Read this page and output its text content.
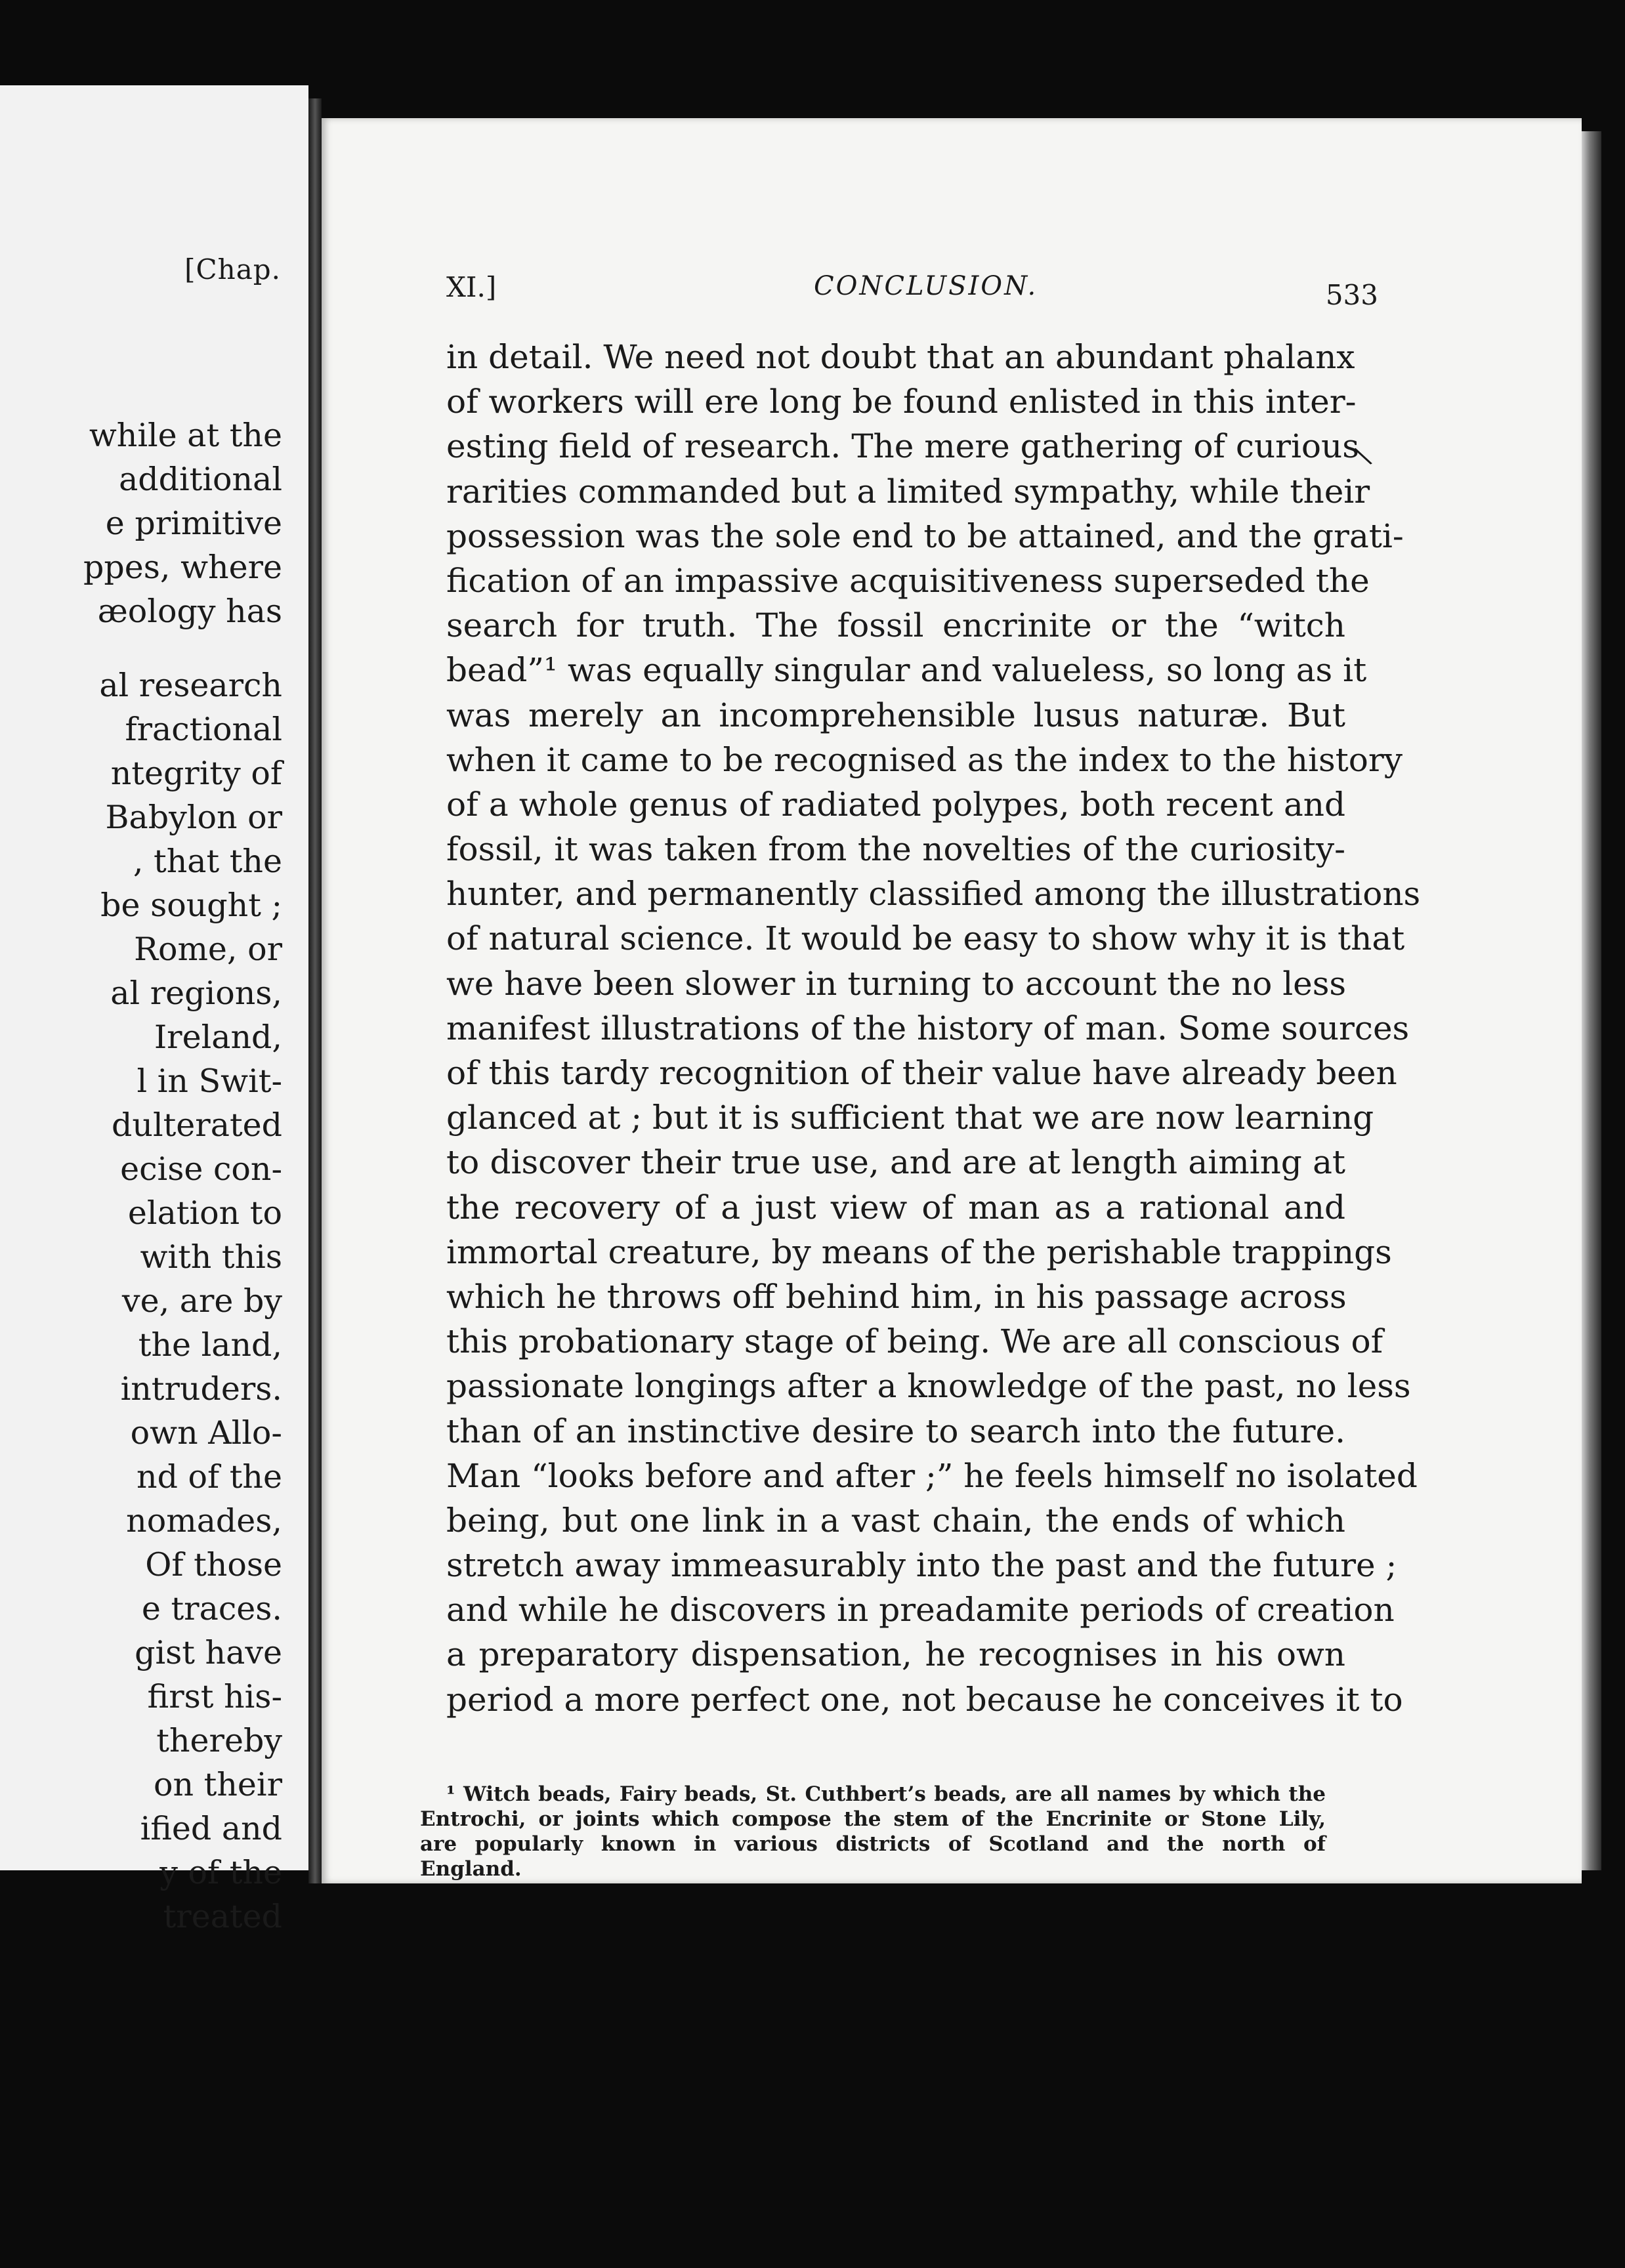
[Chap.
while at the
additional
e primitive
ppes, where
æology has
al research
fractional
ntegrity of
Babylon or
, that the
be sought ;
Rome, or
al regions,
Ireland,
l in Swit-
dulterated
ecise con-
elation to
with this
ve, are by
the land,
intruders.
own Allo-
nd of the
nomades,
Of those
e traces.
gist have
first his-
thereby
on their
ified and
y of the
treated
XI.]	CONCLUSION.	533
\
in detail. We need not doubt that an abundant phalanx
of workers will ere long be found enlisted in this inter-
esting field of research. The mere gathering of curious
rarities commanded but a limited sympathy, while their
possession was the sole end to be attained, and the grati-
fication of an impassive acquisitiveness superseded the
search for truth. The fossil encrinite or the “witch
bead”¹ was equally singular and valueless, so long as it
was merely an incomprehensible lusus naturæ. But
when it came to be recognised as the index to the history
of a whole genus of radiated polypes, both recent and
fossil, it was taken from the novelties of the curiosity-
hunter, and permanently classified among the illustrations
of natural science. It would be easy to show why it is that
we have been slower in turning to account the no less
manifest illustrations of the history of man. Some sources
of this tardy recognition of their value have already been
glanced at ; but it is sufficient that we are now learning
to discover their true use, and are at length aiming at
the recovery of a just view of man as a rational and
immortal creature, by means of the perishable trappings
which he throws off behind him, in his passage across
this probationary stage of being. We are all conscious of
passionate longings after a knowledge of the past, no less
than of an instinctive desire to search into the future.
Man “looks before and after ;” he feels himself no isolated
being, but one link in a vast chain, the ends of which
stretch away immeasurably into the past and the future ;
and while he discovers in preadamite periods of creation
a preparatory dispensation, he recognises in his own
period a more perfect one, not because he conceives it to
¹ Witch beads, Fairy beads, St. Cuthbert’s beads, are all names by which the
Entrochi, or joints which compose the stem of the Encrinite or Stone Lily,
are popularly known in various districts of Scotland and the north of
England.
